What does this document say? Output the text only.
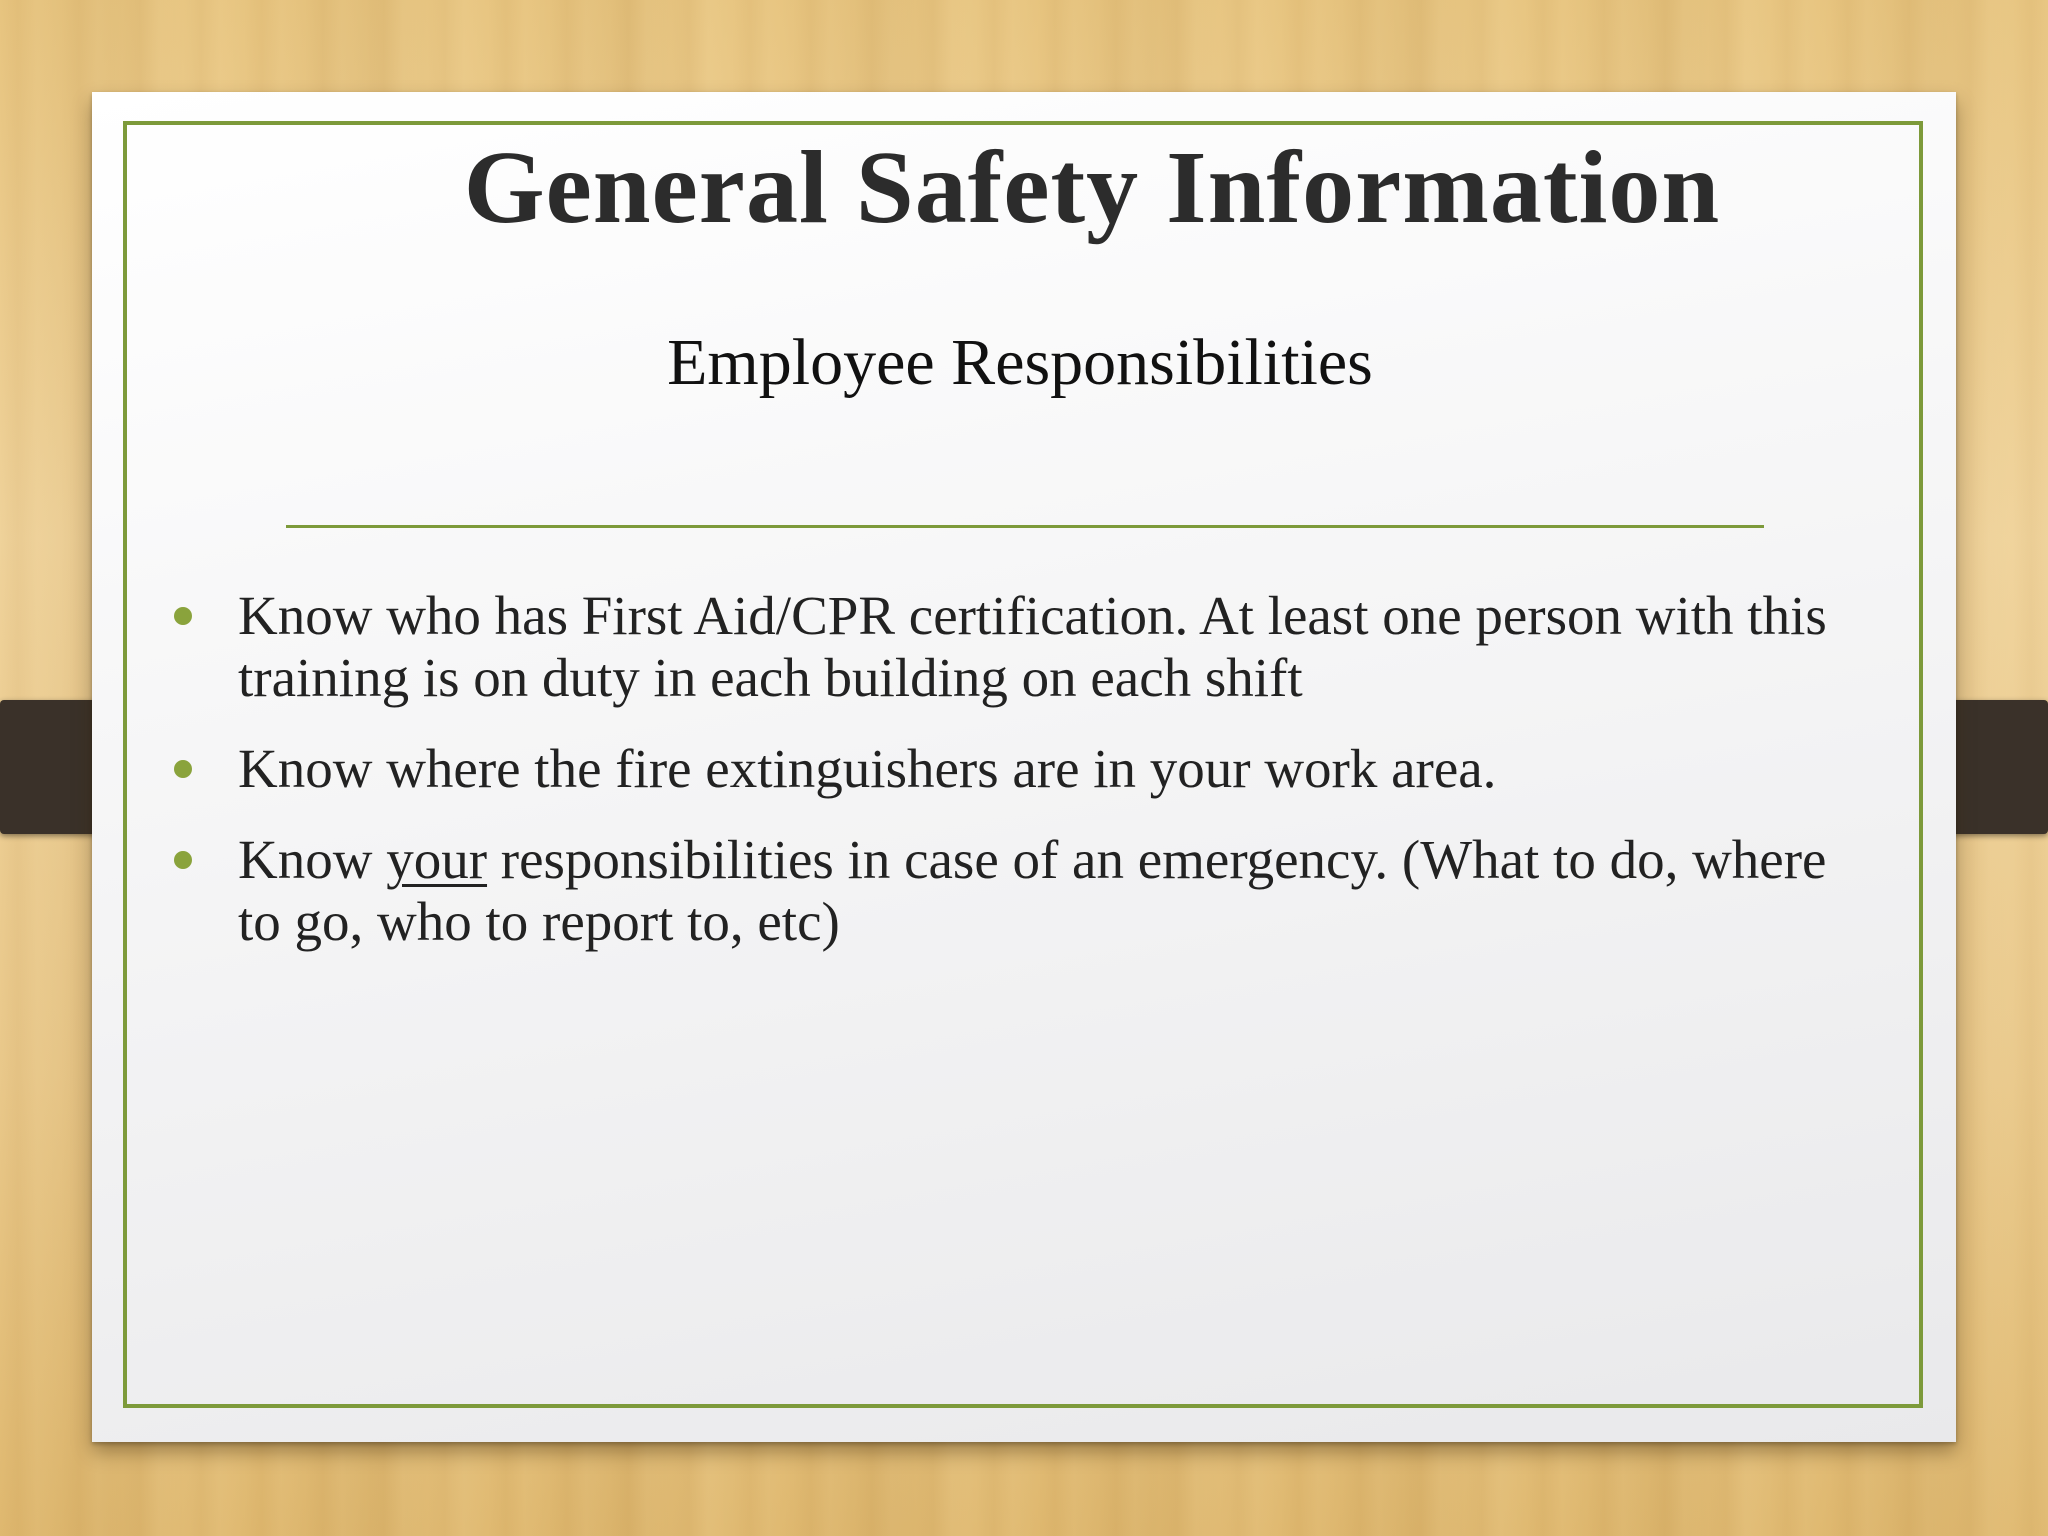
General Safety Information
Employee Responsibilities
Know who has First Aid/CPR certification. At least one person with this training is on duty in each building on each shift
Know where the fire extinguishers are in your work area.
Know your responsibilities in case of an emergency. (What to do, where to go, who to report to, etc)
